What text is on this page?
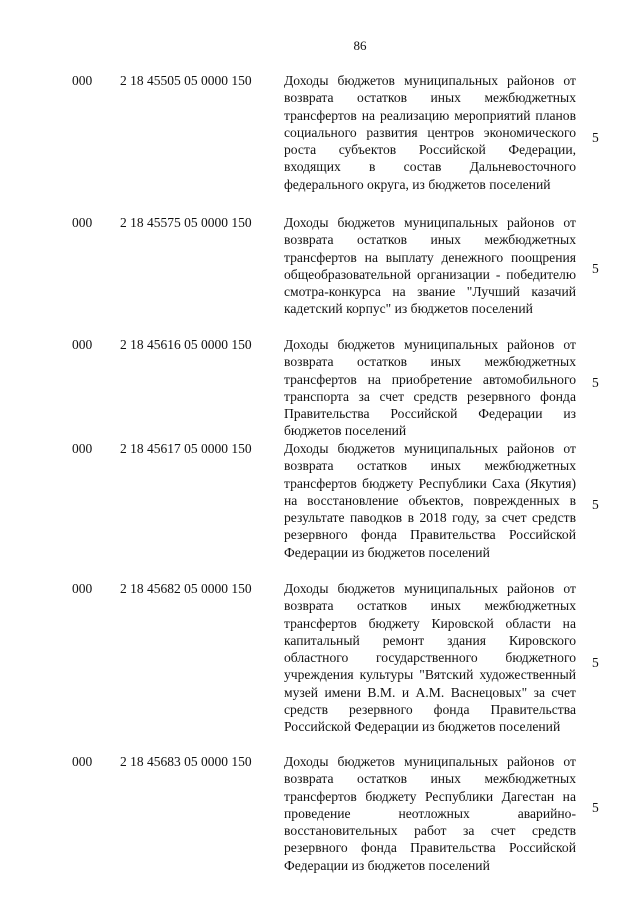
86
000 2 18 45505 05 0000 150 Доходы бюджетов муниципальных районов от возврата остатков иных межбюджетных трансфертов на реализацию мероприятий планов социального развития центров экономического роста субъектов Российской Федерации, входящих в состав Дальневосточного федерального округа, из бюджетов поселений
5
000 2 18 45575 05 0000 150 Доходы бюджетов муниципальных районов от возврата остатков иных межбюджетных трансфертов на выплату денежного поощрения общеобразовательной организации - победителю смотра-конкурса на звание "Лучший казачий кадетский корпус" из бюджетов поселений
5
000 2 18 45616 05 0000 150 Доходы бюджетов муниципальных районов от возврата остатков иных межбюджетных трансфертов на приобретение автомобильного транспорта за счет средств резервного фонда Правительства Российской Федерации из бюджетов поселений
5
000 2 18 45617 05 0000 150 Доходы бюджетов муниципальных районов от возврата остатков иных межбюджетных трансфертов бюджету Республики Саха (Якутия) на восстановление объектов, поврежденных в результате паводков в 2018 году, за счет средств резервного фонда Правительства Российской Федерации из бюджетов поселений
5
000 2 18 45682 05 0000 150 Доходы бюджетов муниципальных районов от возврата остатков иных межбюджетных трансфертов бюджету Кировской области на капитальный ремонт здания Кировского областного государственного бюджетного учреждения культуры "Вятский художественный музей имени В.М. и А.М. Васнецовых" за счет средств резервного фонда Правительства Российской Федерации из бюджетов поселений
5
000 2 18 45683 05 0000 150 Доходы бюджетов муниципальных районов от возврата остатков иных межбюджетных трансфертов бюджету Республики Дагестан на проведение неотложных аварийно-восстановительных работ за счет средств резервного фонда Правительства Российской Федерации из бюджетов поселений
5
